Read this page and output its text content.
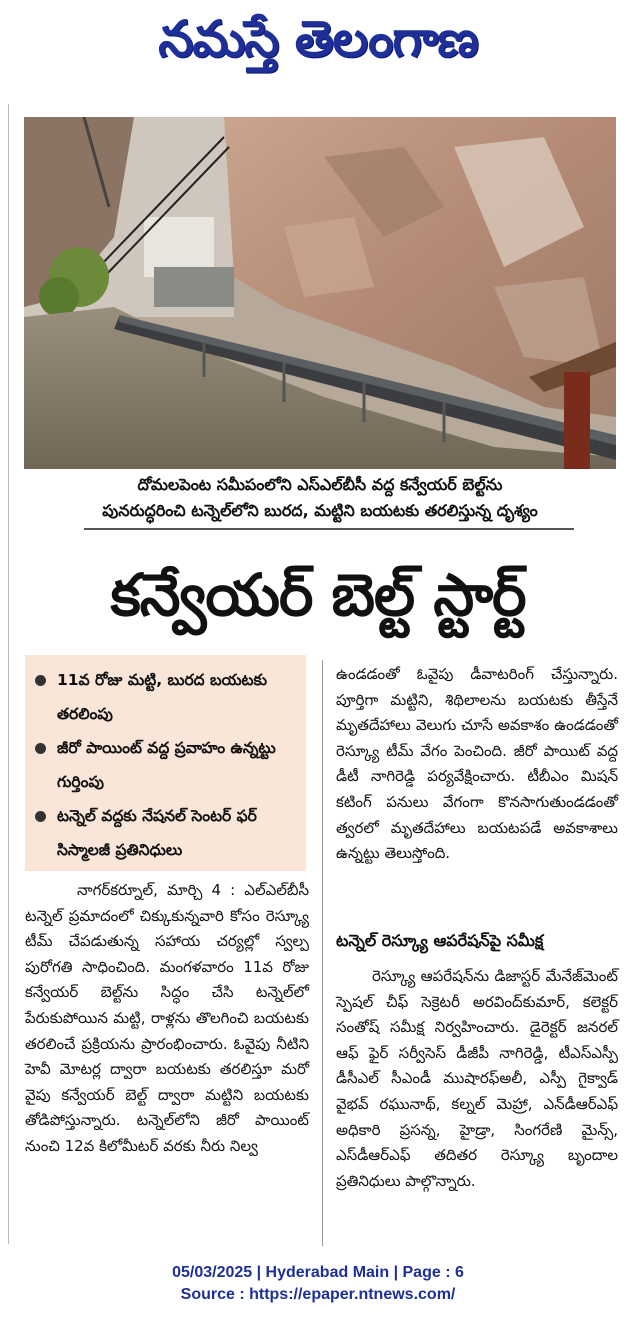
నమస్తే తెలంగాణ
దోమలపెంట సమీపంలోని ఎస్‌ఎల్‌బీసీ వద్ద కన్వేయర్ బెల్ట్‌ను
పునరుద్ధరించి టన్నెల్‌లోని బురద, మట్టిని బయటకు తరలిస్తున్న దృశ్యం
కన్వేయర్ బెల్ట్ స్టార్ట్
11వ రోజు మట్టి, బురద బయటకు తరలింపు
జీరో పాయింట్ వద్ద ప్రవాహం ఉన్నట్టు గుర్తింపు
టన్నెల్ వద్దకు నేషనల్ సెంటర్ ఫర్ సిస్మాలజీ ప్రతినిధులు
నాగర్‌కర్నూల్, మార్చి 4 : ఎల్‌ఎల్‌బీసీ టన్నెల్ ప్రమాదంలో చిక్కుకున్నవారి కోసం రెస్క్యూ టీమ్ చేపడుతున్న సహాయ చర్యల్లో స్వల్ప పురోగతి సాధించింది. మంగళవారం 11వ రోజు కన్వేయర్ బెల్ట్‌ను సిద్ధం చేసి టన్నెల్‌లో పేరుకుపోయిన మట్టి, రాళ్లను తొలగించి బయటకు తరలించే ప్రక్రియను ప్రారంభించారు. ఓవైపు నీటిని హెవీ మోటర్ల ద్వారా బయటకు తరలిస్తూ మరో వైపు కన్వేయర్ బెల్ట్ ద్వారా మట్టిని బయటకు తోడిపోస్తున్నారు. టన్నెల్‌లోని జీరో పాయింట్ నుంచి 12వ కిలోమీటర్ వరకు నీరు నిల్వ
ఉండడంతో ఓవైపు డీవాటరింగ్ చేస్తున్నారు. పూర్తిగా మట్టిని, శిథిలాలను బయటకు తీస్తేనే మృతదేహాలు వెలుగు చూసే అవకాశం ఉండడంతో రెస్క్యూ టీమ్ వేగం పెంచింది. జీరో పాయిట్ వద్ద డీటీ నాగిరెడ్డి పర్యవేక్షించారు. టీబీఎం మిషన్ కటింగ్ పనులు వేగంగా కొనసాగుతుండడంతో త్వరలో మృతదేహాలు బయటపడే అవకాశాలు ఉన్నట్టు తెలుస్తోంది.
టన్నెల్ రెస్క్యూ ఆపరేషన్‌పై సమీక్ష
రెస్క్యూ ఆపరేషన్‌ను డిజాస్టర్ మేనేజ్‌మెంట్ స్పెషల్ చీఫ్ సెక్రెటరీ అరవింద్‌కుమార్, కలెక్టర్ సంతోష్ సమీక్ష నిర్వహించారు. డైరెక్టర్ జనరల్ ఆఫ్ ఫైర్ సర్వీసెస్ డీజీపీ నాగిరెడ్డి, టీఎస్‌ఎస్పీ డీసీఎల్ సీఎండీ ముషారఫ్‌అలీ, ఎస్పీ గైక్వాడ్ వైభవ్ రఘునాథ్, కల్నల్ మెహ్రా, ఎన్‌డీఆర్‌ఎఫ్ అధికారి ప్రసన్న, హైడ్రా, సింగరేణి మైన్స్, ఎస్‌డీఆర్‌ఎఫ్ తదితర రెస్క్యూ బృందాల ప్రతినిధులు పాల్గొన్నారు.
05/03/2025 | Hyderabad Main | Page : 6
Source : https://epaper.ntnews.com/
